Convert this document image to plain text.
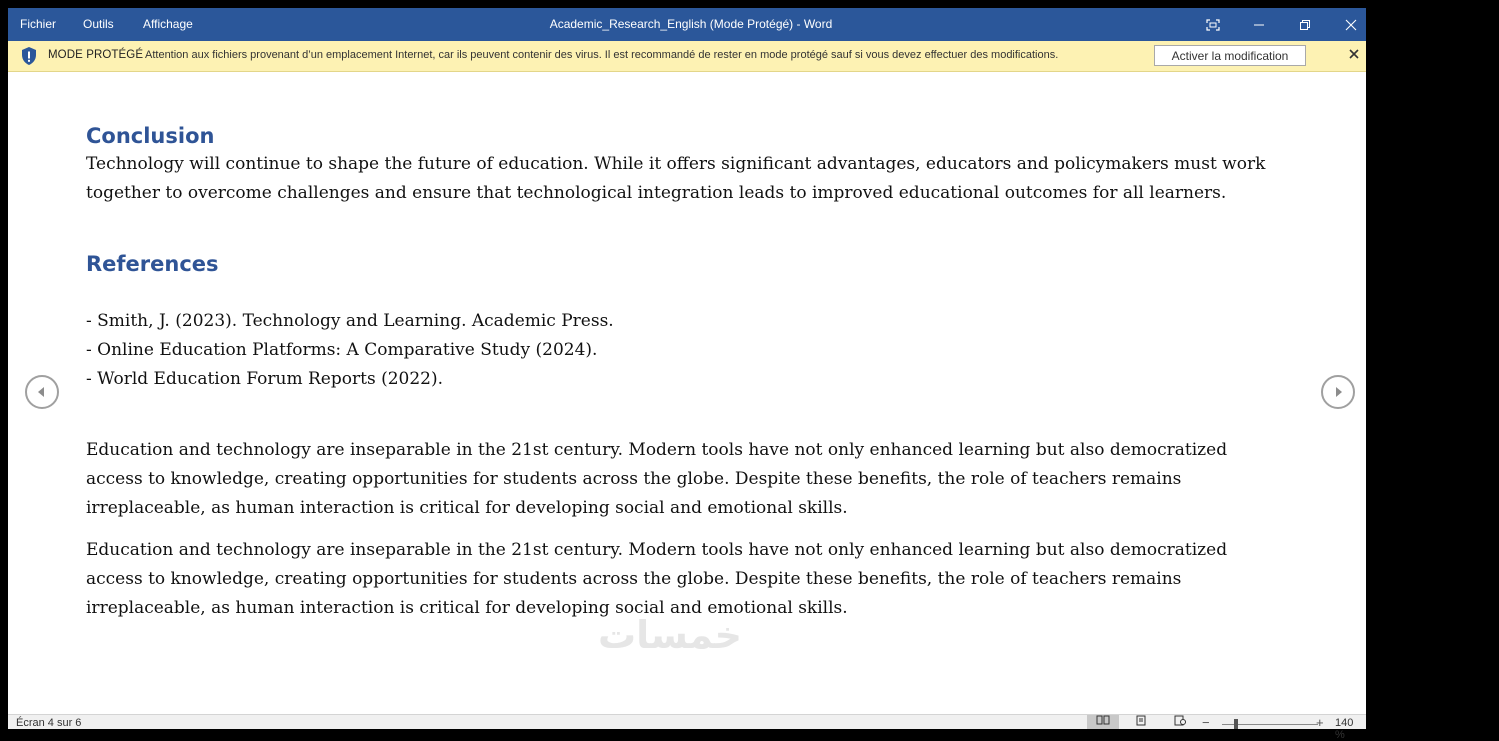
Fichier Outils Affichage	Academic_Research_English (Mode Protégé) - Word
MODE PROTÉGÉ Attention aux fichiers provenant d’un emplacement Internet, car ils peuvent contenir des virus. Il est recommandé de rester en mode protégé sauf si vous devez effectuer des modifications.	Activer la modification
Conclusion
Technology will continue to shape the future of education. While it offers significant advantages, educators and policymakers must work
together to overcome challenges and ensure that technological integration leads to improved educational outcomes for all learners.
References
- Smith, J. (2023). Technology and Learning. Academic Press.
- Online Education Platforms: A Comparative Study (2024).
- World Education Forum Reports (2022).
Education and technology are inseparable in the 21st century. Modern tools have not only enhanced learning but also democratized
access to knowledge, creating opportunities for students across the globe. Despite these benefits, the role of teachers remains
irreplaceable, as human interaction is critical for developing social and emotional skills.
Education and technology are inseparable in the 21st century. Modern tools have not only enhanced learning but also democratized
access to knowledge, creating opportunities for students across the globe. Despite these benefits, the role of teachers remains
irreplaceable, as human interaction is critical for developing social and emotional skills.
خمسات
Écran 4 sur 6	−	+ 140 %
